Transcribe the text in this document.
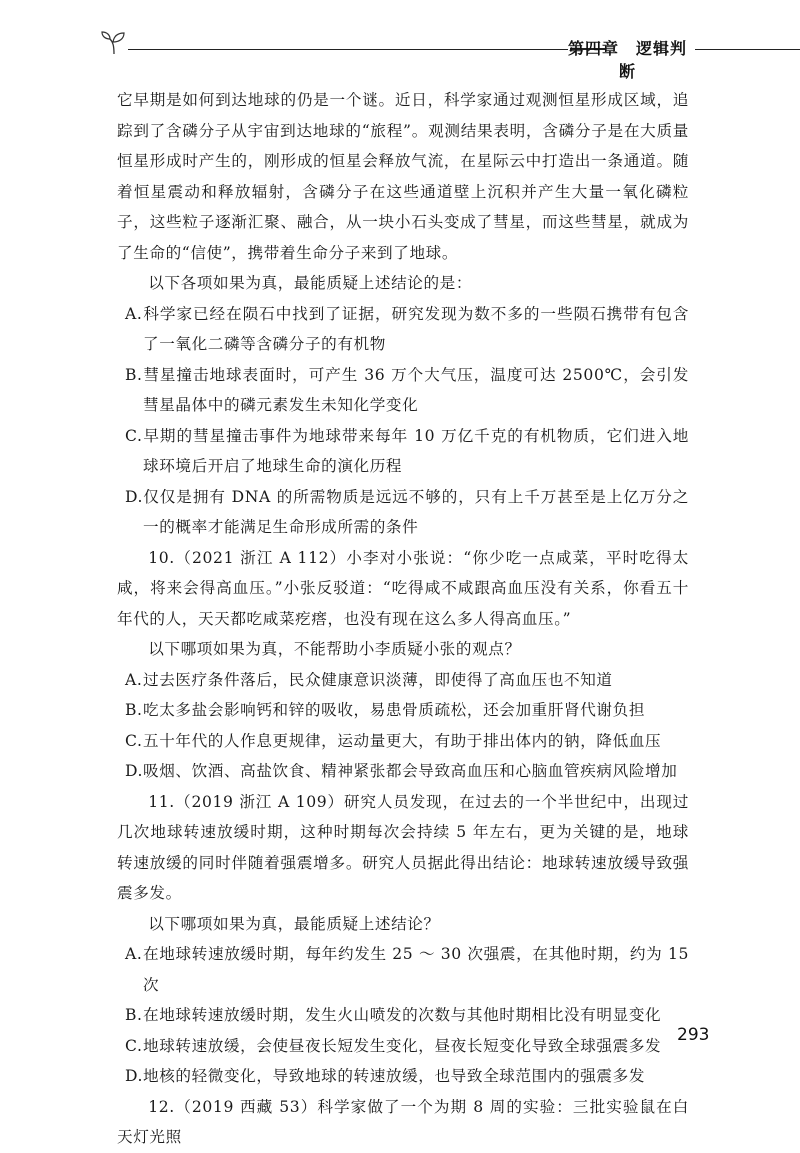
第四章　逻辑判断

它早期是如何到达地球的仍是一个谜。近日，科学家通过观测恒星形成区域，追踪到了含磷分子从宇宙到达地球的“旅程”。观测结果表明，含磷分子是在大质量恒星形成时产生的，刚形成的恒星会释放气流，在星际云中打造出一条通道。随着恒星震动和释放辐射，含磷分子在这些通道壁上沉积并产生大量一氧化磷粒子，这些粒子逐渐汇聚、融合，从一块小石头变成了彗星，而这些彗星，就成为了生命的“信使”，携带着生命分子来到了地球。

以下各项如果为真，最能质疑上述结论的是：

A.科学家已经在陨石中找到了证据，研究发现为数不多的一些陨石携带有包含了一氧化二磷等含磷分子的有机物

B.彗星撞击地球表面时，可产生 36 万个大气压，温度可达 2500℃，会引发彗星晶体中的磷元素发生未知化学变化

C.早期的彗星撞击事件为地球带来每年 10 万亿千克的有机物质，它们进入地球环境后开启了地球生命的演化历程

D.仅仅是拥有 DNA 的所需物质是远远不够的，只有上千万甚至是上亿万分之一的概率才能满足生命形成所需的条件

10.（2021 浙江 A 112）小李对小张说：“你少吃一点咸菜，平时吃得太咸，将来会得高血压。”小张反驳道：“吃得咸不咸跟高血压没有关系，你看五十年代的人，天天都吃咸菜疙瘩，也没有现在这么多人得高血压。”

以下哪项如果为真，不能帮助小李质疑小张的观点？

A.过去医疗条件落后，民众健康意识淡薄，即使得了高血压也不知道

B.吃太多盐会影响钙和锌的吸收，易患骨质疏松，还会加重肝肾代谢负担

C.五十年代的人作息更规律，运动量更大，有助于排出体内的钠，降低血压

D.吸烟、饮酒、高盐饮食、精神紧张都会导致高血压和心脑血管疾病风险增加

11.（2019 浙江 A 109）研究人员发现，在过去的一个半世纪中，出现过几次地球转速放缓时期，这种时期每次会持续 5 年左右，更为关键的是，地球转速放缓的同时伴随着强震增多。研究人员据此得出结论：地球转速放缓导致强震多发。

以下哪项如果为真，最能质疑上述结论？

A.在地球转速放缓时期，每年约发生 25 ～ 30 次强震，在其他时期，约为 15 次

B.在地球转速放缓时期，发生火山喷发的次数与其他时期相比没有明显变化

C.地球转速放缓，会使昼夜长短发生变化，昼夜长短变化导致全球强震多发

D.地核的轻微变化，导致地球的转速放缓，也导致全球范围内的强震多发

12.（2019 西藏 53）科学家做了一个为期 8 周的实验：三批实验鼠在白天灯光照

293
